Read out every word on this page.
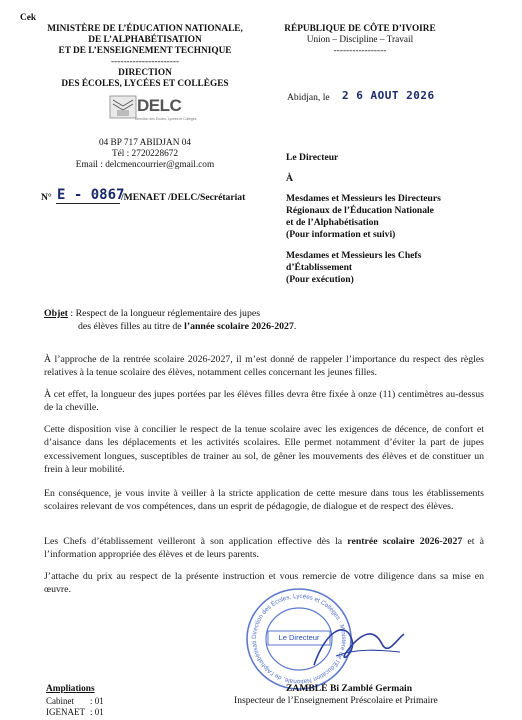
Cek
MINISTÈRE DE L’ÉDUCATION NATIONALE,
DE L’ALPHABÉTISATION
ET DE L’ENSEIGNEMENT TECHNIQUE
----------------------
DIRECTION
DES ÉCOLES, LYCÉES ET COLLÈGES
DELC
Direction des Écoles, Lycées et Collèges
04 BP 717 ABIDJAN 04
Tél : 2720228672
Email : delcmencourrier@gmail.com
RÉPUBLIQUE DE CÔTE D’IVOIRE
Union – Discipline – Travail
-----------------
Abidjan, le 2 6 AOUT 2026
N° E - 0867
/MENAET /DELC/Secrétariat
Le Directeur
À
Mesdames et Messieurs les Directeurs
Régionaux de l’Éducation Nationale
et de l’Alphabétisation
(Pour information et suivi)
Mesdames et Messieurs les Chefs
d’Établissement
(Pour exécution)
Objet : Respect de la longueur réglementaire des jupes
des élèves filles au titre de l’année scolaire 2026-2027.
À l’approche de la rentrée scolaire 2026-2027, il m’est donné de rappeler l’importance du respect des règles relatives à la tenue scolaire des élèves, notamment celles concernant les jeunes filles.
À cet effet, la longueur des jupes portées par les élèves filles devra être fixée à onze (11) centimètres au-dessus de la cheville.
Cette disposition vise à concilier le respect de la tenue scolaire avec les exigences de décence, de confort et d’aisance dans les déplacements et les activités scolaires. Elle permet notamment d’éviter la part de jupes excessivement longues, susceptibles de trainer au sol, de gêner les mouvements des élèves et de constituer un frein à leur mobilité.
En conséquence, je vous invite à veiller à la stricte application de cette mesure dans tous les établissements scolaires relevant de vos compétences, dans un esprit de pédagogie, de dialogue et de respect des élèves.
Les Chefs d’établissement veilleront à son application effective dès la rentrée scolaire 2026-2027 et à l’information appropriée des élèves et de leurs parents.
J’attache du prix au respect de la présente instruction et vous remercie de votre diligence dans sa mise en œuvre.
Direction des Écoles, Lycées et Collèges · Ministère de l’Éducation Nationale, de l’Alphabétisati	Le Directeur
ZAMBLÉ Bi Zamblé Germain
Inspecteur de l’Enseignement Préscolaire et Primaire
Ampliations
Cabinet : 01
IGENAET : 01
